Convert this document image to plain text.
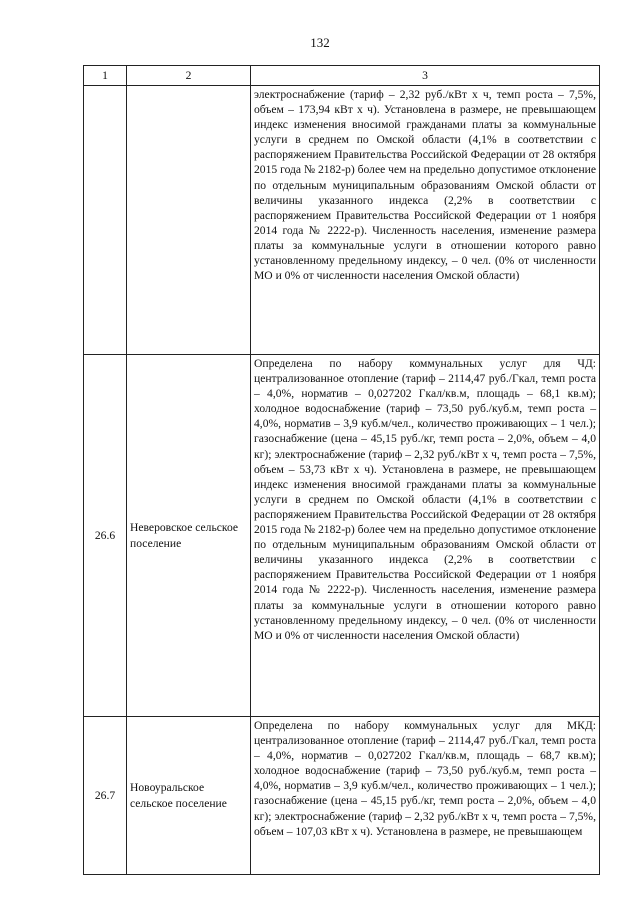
132
1	2	3

		электроснабжение (тариф – 2,32 руб./кВт х ч, темп роста – 7,5%, объем – 173,94 кВт х ч). Установлена в размере, не превышающем индекс изменения вносимой гражданами платы за коммунальные услуги в среднем по Омской области (4,1% в соответствии с распоряжением Правительства Российской Федерации от 28 октября 2015 года № 2182-р) более чем на предельно допустимое отклонение по отдельным муниципальным образованиям Омской области от величины указанного индекса (2,2% в соответствии с распоряжением Правительства Российской Федерации от 1 ноября 2014 года № 2222-р). Численность населения, изменение размера платы за коммунальные услуги в отношении которого равно установленному предельному индексу, – 0 чел. (0% от численности МО и 0% от численности населения Омской области)

26.6	Неверовское сельское поселение	Определена по набору коммунальных услуг для ЧД: централизованное отопление (тариф – 2114,47 руб./Гкал, темп роста – 4,0%, норматив – 0,027202 Гкал/кв.м, площадь – 68,1 кв.м); холодное водоснабжение (тариф – 73,50 руб./куб.м, темп роста – 4,0%, норматив – 3,9 куб.м/чел., количество проживающих – 1 чел.); газоснабжение (цена – 45,15 руб./кг, темп роста – 2,0%, объем – 4,0 кг); электроснабжение (тариф – 2,32 руб./кВт х ч, темп роста – 7,5%, объем – 53,73 кВт х ч). Установлена в размере, не превышающем индекс изменения вносимой гражданами платы за коммунальные услуги в среднем по Омской области (4,1% в соответствии с распоряжением Правительства Российской Федерации от 28 октября 2015 года № 2182-р) более чем на предельно допустимое отклонение по отдельным муниципальным образованиям Омской области от величины указанного индекса (2,2% в соответствии с распоряжением Правительства Российской Федерации от 1 ноября 2014 года № 2222-р). Численность населения, изменение размера платы за коммунальные услуги в отношении которого равно установленному предельному индексу, – 0 чел. (0% от численности МО и 0% от численности населения Омской области)

26.7	Новоуральское сельское поселение	Определена по набору коммунальных услуг для МКД: централизованное отопление (тариф – 2114,47 руб./Гкал, темп роста – 4,0%, норматив – 0,027202 Гкал/кв.м, площадь – 68,7 кв.м); холодное водоснабжение (тариф – 73,50 руб./куб.м, темп роста – 4,0%, норматив – 3,9 куб.м/чел., количество проживающих – 1 чел.); газоснабжение (цена – 45,15 руб./кг, темп роста – 2,0%, объем – 4,0 кг); электроснабжение (тариф – 2,32 руб./кВт х ч, темп роста – 7,5%, объем – 107,03 кВт х ч). Установлена в размере, не превышающем
